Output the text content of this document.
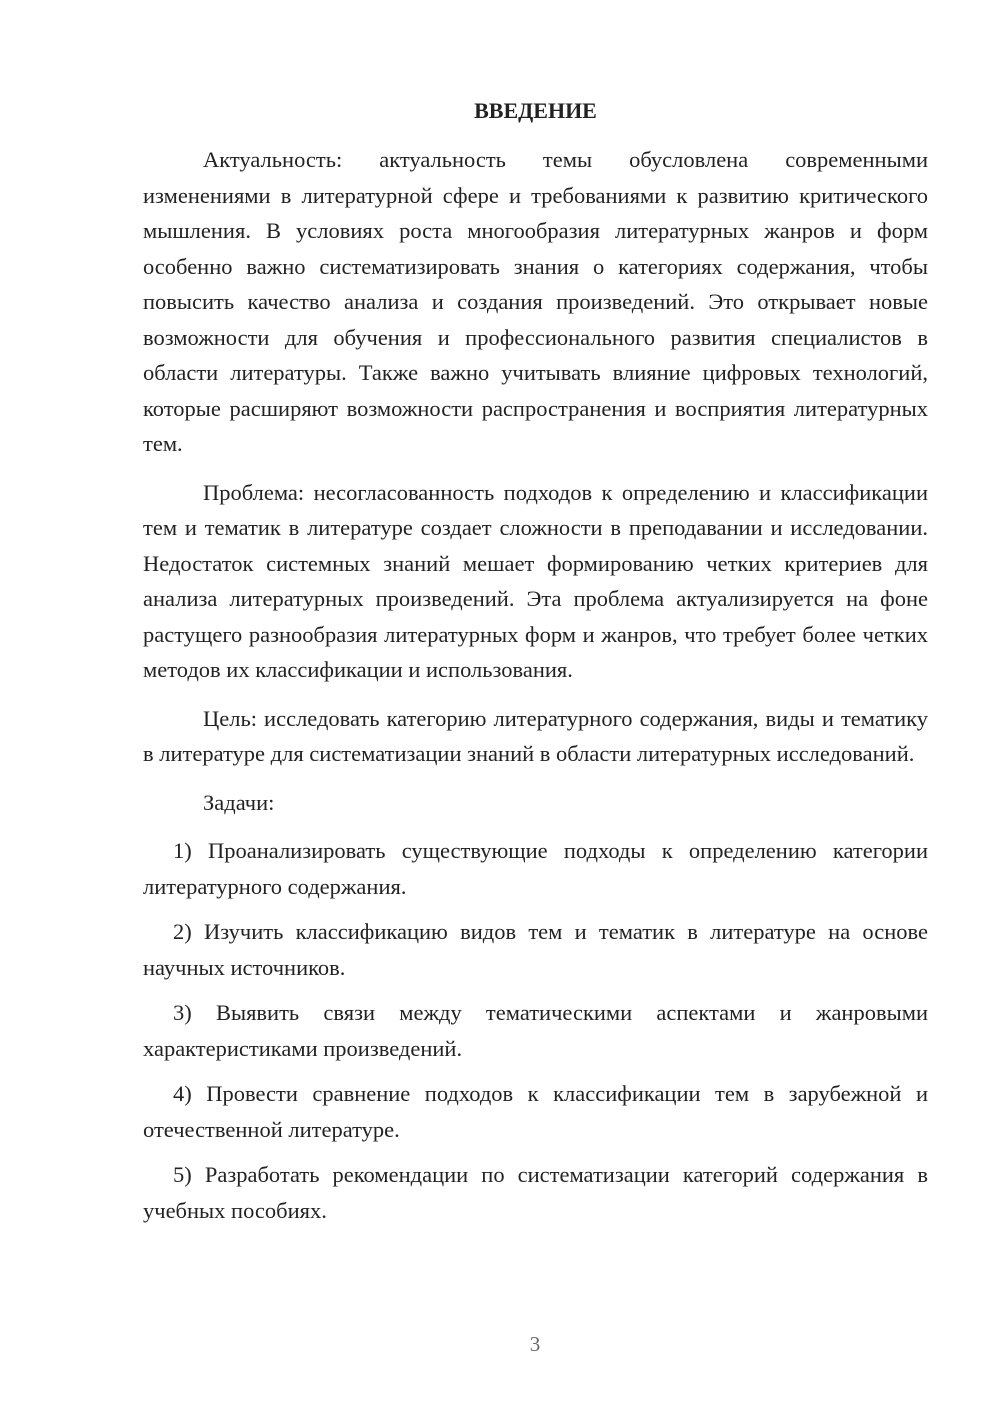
ВВЕДЕНИЕ

Актуальность: актуальность темы обусловлена современными изменениями в литературной сфере и требованиями к развитию критического мышления. В условиях роста многообразия литературных жанров и форм особенно важно систематизировать знания о категориях содержания, чтобы повысить качество анализа и создания произведений. Это открывает новые возможности для обучения и профессионального развития специалистов в области литературы. Также важно учитывать влияние цифровых технологий, которые расширяют возможности распространения и восприятия литературных тем.

Проблема: несогласованность подходов к определению и классификации тем и тематик в литературе создает сложности в преподавании и исследовании. Недостаток системных знаний мешает формированию четких критериев для анализа литературных произведений. Эта проблема актуализируется на фоне растущего разнообразия литературных форм и жанров, что требует более четких методов их классификации и использования.

Цель: исследовать категорию литературного содержания, виды и тематику в литературе для систематизации знаний в области литературных исследований.

Задачи:

1) Проанализировать существующие подходы к определению категории литературного содержания.

2) Изучить классификацию видов тем и тематик в литературе на основе научных источников.

3) Выявить связи между тематическими аспектами и жанровыми характеристиками произведений.

4) Провести сравнение подходов к классификации тем в зарубежной и отечественной литературе.

5) Разработать рекомендации по систематизации категорий содержания в учебных пособиях.

3
